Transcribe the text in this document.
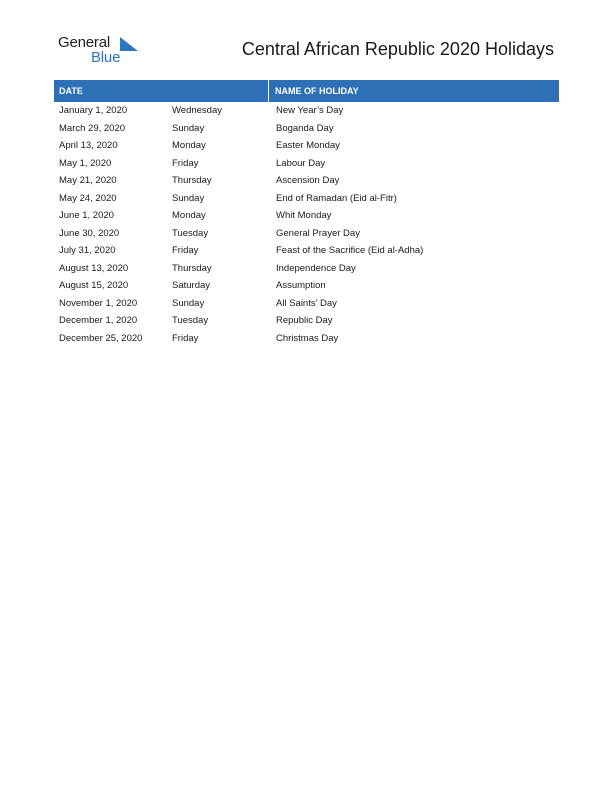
General
Blue	Central African Republic 2020 Holidays
DATE	NAME OF HOLIDAY
January 1, 2020	Wednesday	New Year’s Day
March 29, 2020	Sunday	Boganda Day
April 13, 2020	Monday	Easter Monday
May 1, 2020	Friday	Labour Day
May 21, 2020	Thursday	Ascension Day
May 24, 2020	Sunday	End of Ramadan (Eid al-Fitr)
June 1, 2020	Monday	Whit Monday
June 30, 2020	Tuesday	General Prayer Day
July 31, 2020	Friday	Feast of the Sacrifice (Eid al-Adha)
August 13, 2020	Thursday	Independence Day
August 15, 2020	Saturday	Assumption
November 1, 2020	Sunday	All Saints’ Day
December 1, 2020	Tuesday	Republic Day
December 25, 2020	Friday	Christmas Day
